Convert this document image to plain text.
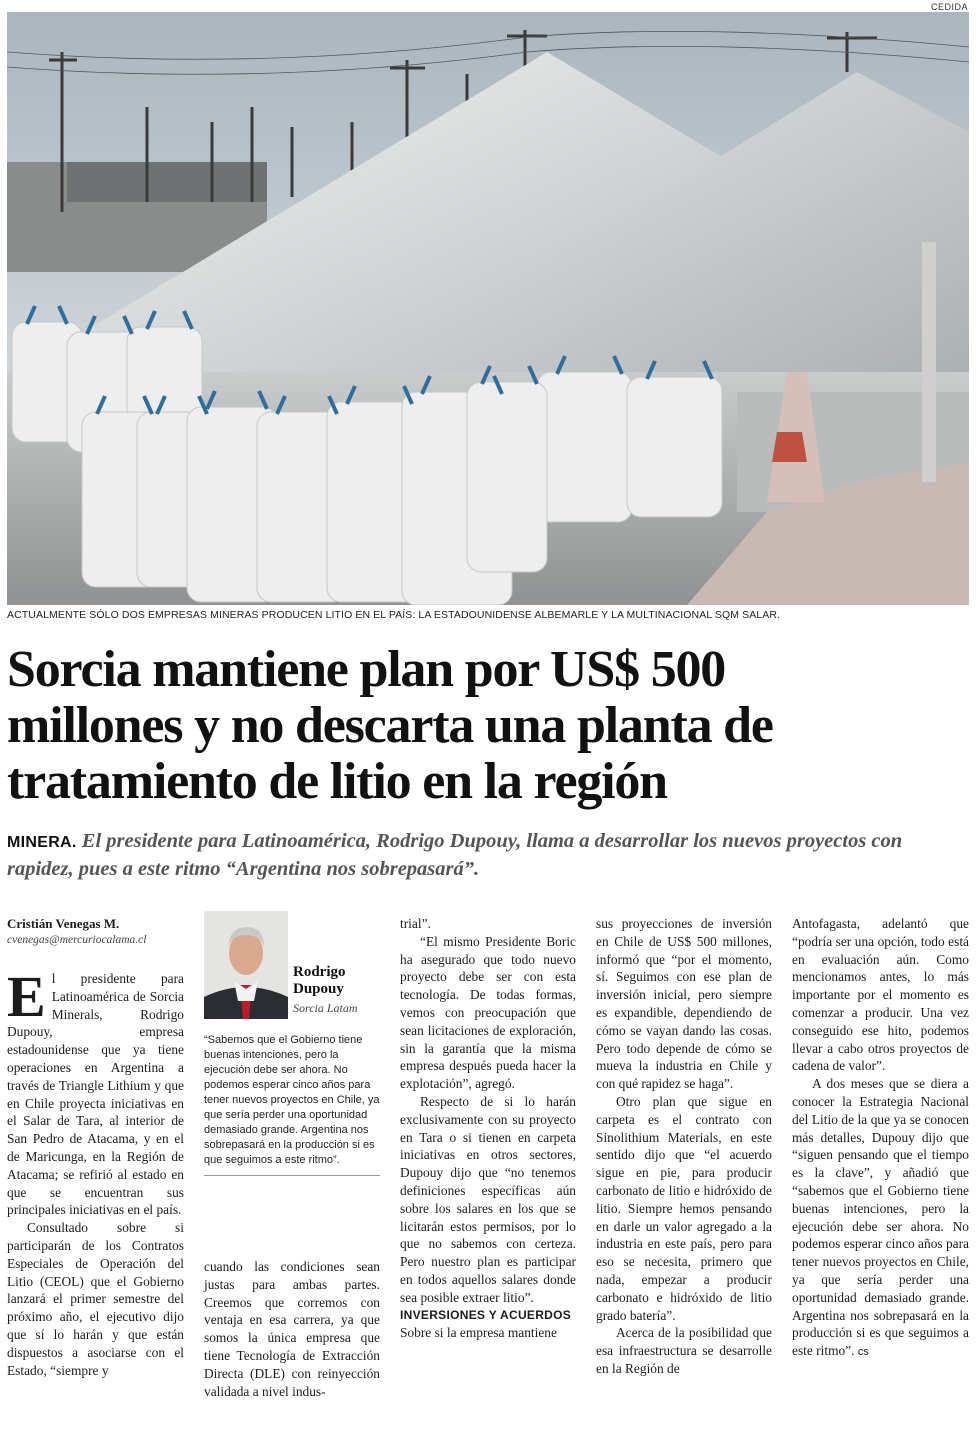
CEDIDA
ACTUALMENTE SÓLO DOS EMPRESAS MINERAS PRODUCEN LITIO EN EL PAÍS: LA ESTADOUNIDENSE ALBEMARLE Y LA MULTINACIONAL SQM SALAR.
Sorcia mantiene plan por US$ 500
millones y no descarta una planta de
tratamiento de litio en la región
MINERA. El presidente para Latinoamérica, Rodrigo Dupouy, llama a desarrollar los nuevos proyectos con rapidez, pues a este ritmo “Argentina nos sobrepasará”.
Cristián Venegas M.
cvenegas@mercuriocalama.cl
Rodrigo
Dupouy
Sorcia Latam
“Sabemos que el Gobierno tiene buenas intenciones, pero la ejecución debe ser ahora. No podemos esperar cinco años para tener nuevos proyectos en Chile, ya que sería perder una oportunidad demasiado grande. Argentina nos sobrepasará en la producción si es que seguimos a este ritmo”.

El presidente para Latinoamérica de Sorcia Minerals, Rodrigo Dupouy, empresa estadounidense que ya tiene operaciones en Argentina a través de Triangle Lithium y que en Chile proyecta iniciativas en el Salar de Tara, al interior de San Pedro de Atacama, y en el de Maricunga, en la Región de Atacama; se refirió al estado en que se encuentran sus principales iniciativas en el país.

Consultado sobre si participarán de los Contratos Especiales de Operación del Litio (CEOL) que el Gobierno lanzará el primer semestre del próximo año, el ejecutivo dijo que sí lo harán y que están dispuestos a asociarse con el Estado, “siempre y

cuando las condiciones sean justas para ambas partes. Creemos que corremos con ventaja en esa carrera, ya que somos la única empresa que tiene Tecnología de Extracción Directa (DLE) con reinyección validada a nivel indus-

trial”.

“El mismo Presidente Boric ha asegurado que todo nuevo proyecto debe ser con esta tecnología. De todas formas, vemos con preocupación que sean licitaciones de exploración, sin la garantía que la misma empresa después pueda hacer la explotación”, agregó.

Respecto de si lo harán exclusivamente con su proyecto en Tara o si tienen en carpeta iniciativas en otros sectores, Dupouy dijo que “no tenemos definiciones específicas aún sobre los salares en los que se licitarán estos permisos, por lo que no sabemos con certeza. Pero nuestro plan es participar en todos aquellos salares donde sea posible extraer litio”.

INVERSIONES Y ACUERDOS

Sobre si la empresa mantiene

sus proyecciones de inversión en Chile de US$ 500 millones, informó que “por el momento, sí. Seguimos con ese plan de inversión inicial, pero siempre es expandible, dependiendo de cómo se vayan dando las cosas. Pero todo depende de cómo se mueva la industria en Chile y con qué rapidez se haga”.

Otro plan que sigue en carpeta es el contrato con Sinolithium Materials, en este sentido dijo que “el acuerdo sigue en pie, para producir carbonato de litio e hidróxido de litio. Siempre hemos pensando en darle un valor agregado a la industria en este país, pero para eso se necesita, primero que nada, empezar a producir carbonato e hidróxido de litio grado batería”.

Acerca de la posibilidad que esa infraestructura se desarrolle en la Región de

Antofagasta, adelantó que “podría ser una opción, todo está en evaluación aún. Como mencionamos antes, lo más importante por el momento es comenzar a producir. Una vez conseguido ese hito, podemos llevar a cabo otros proyectos de cadena de valor”.

A dos meses que se diera a conocer la Estrategia Nacional del Litio de la que ya se conocen más detalles, Dupouy dijo que “siguen pensando que el tiempo es la clave”, y añadió que “sabemos que el Gobierno tiene buenas intenciones, pero la ejecución debe ser ahora. No podemos esperar cinco años para tener nuevos proyectos en Chile, ya que sería perder una oportunidad demasiado grande. Argentina nos sobrepasará en la producción si es que seguimos a este ritmo”. cs
